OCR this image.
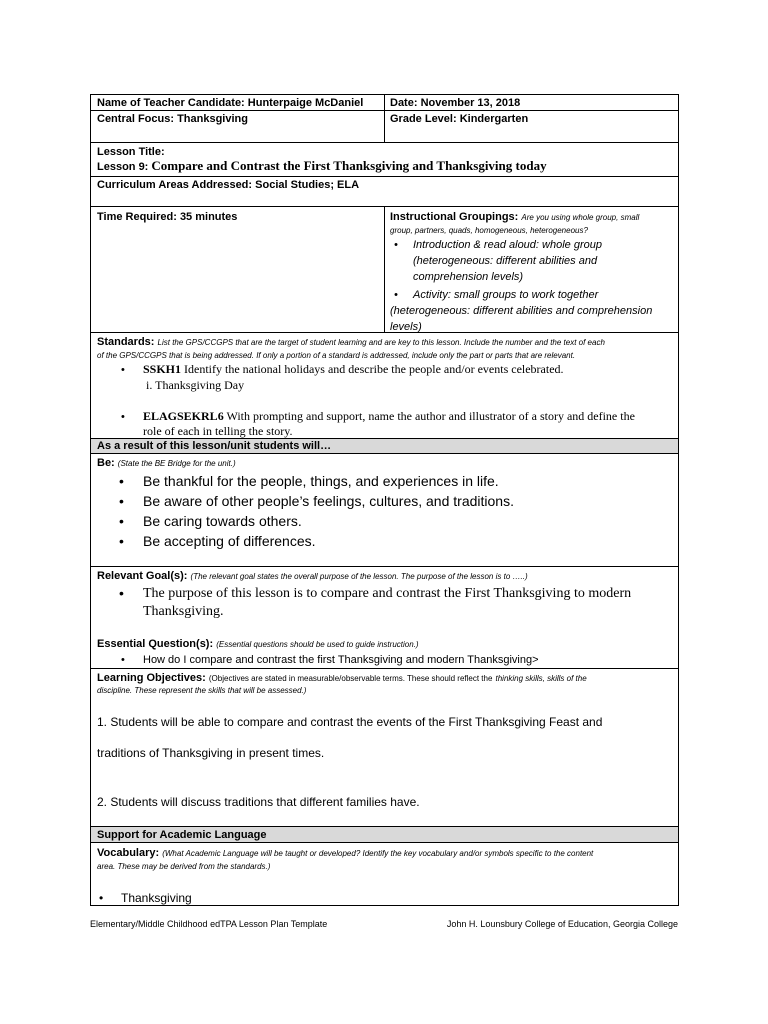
Name of Teacher Candidate: Hunterpaige McDaniel Date: November 13, 2018
Central Focus: Thanksgiving	Grade Level: Kindergarten
Lesson Title:
Lesson 9: Compare and Contrast the First Thanksgiving and Thanksgiving today
Curriculum Areas Addressed: Social Studies; ELA
Time Required: 35 minutes	Instructional Groupings: Are you using whole group, small
group, partners, quads, homogeneous, heterogeneous?
• Introduction & read aloud: whole group
(heterogeneous: different abilities and
comprehension levels)
• Activity: small groups to work together
(heterogeneous: different abilities and comprehension
levels)
Standards: List the GPS/CCGPS that are the target of student learning and are key to this lesson. Include the number and the text of each
of the GPS/CCGPS that is being addressed. If only a portion of a standard is addressed, include only the part or parts that are relevant.
• SSKH1 Identify the national holidays and describe the people and/or events celebrated.
i. Thanksgiving Day
• ELAGSEKRL6 With prompting and support, name the author and illustrator of a story and define the
role of each in telling the story.
As a result of this lesson/unit students will…
Be: (State the BE Bridge for the unit.)
• Be thankful for the people, things, and experiences in life.
• Be aware of other people’s feelings, cultures, and traditions.
• Be caring towards others.
• Be accepting of differences.
Relevant Goal(s): (The relevant goal states the overall purpose of the lesson. The purpose of the lesson is to …..)
• The purpose of this lesson is to compare and contrast the First Thanksgiving to modern
Thanksgiving.
Essential Question(s): (Essential questions should be used to guide instruction.)
• How do I compare and contrast the first Thanksgiving and modern Thanksgiving>
Learning Objectives: (Objectives are stated in measurable/observable terms. These should reflect the thinking skills, skills of the
discipline. These represent the skills that will be assessed.)
1. Students will be able to compare and contrast the events of the First Thanksgiving Feast and
traditions of Thanksgiving in present times.
2. Students will discuss traditions that different families have.
Support for Academic Language
Vocabulary: (What Academic Language will be taught or developed? Identify the key vocabulary and/or symbols specific to the content
area. These may be derived from the standards.)
• Thanksgiving
Elementary/Middle Childhood edTPA Lesson Plan Template	John H. Lounsbury College of Education, Georgia College
